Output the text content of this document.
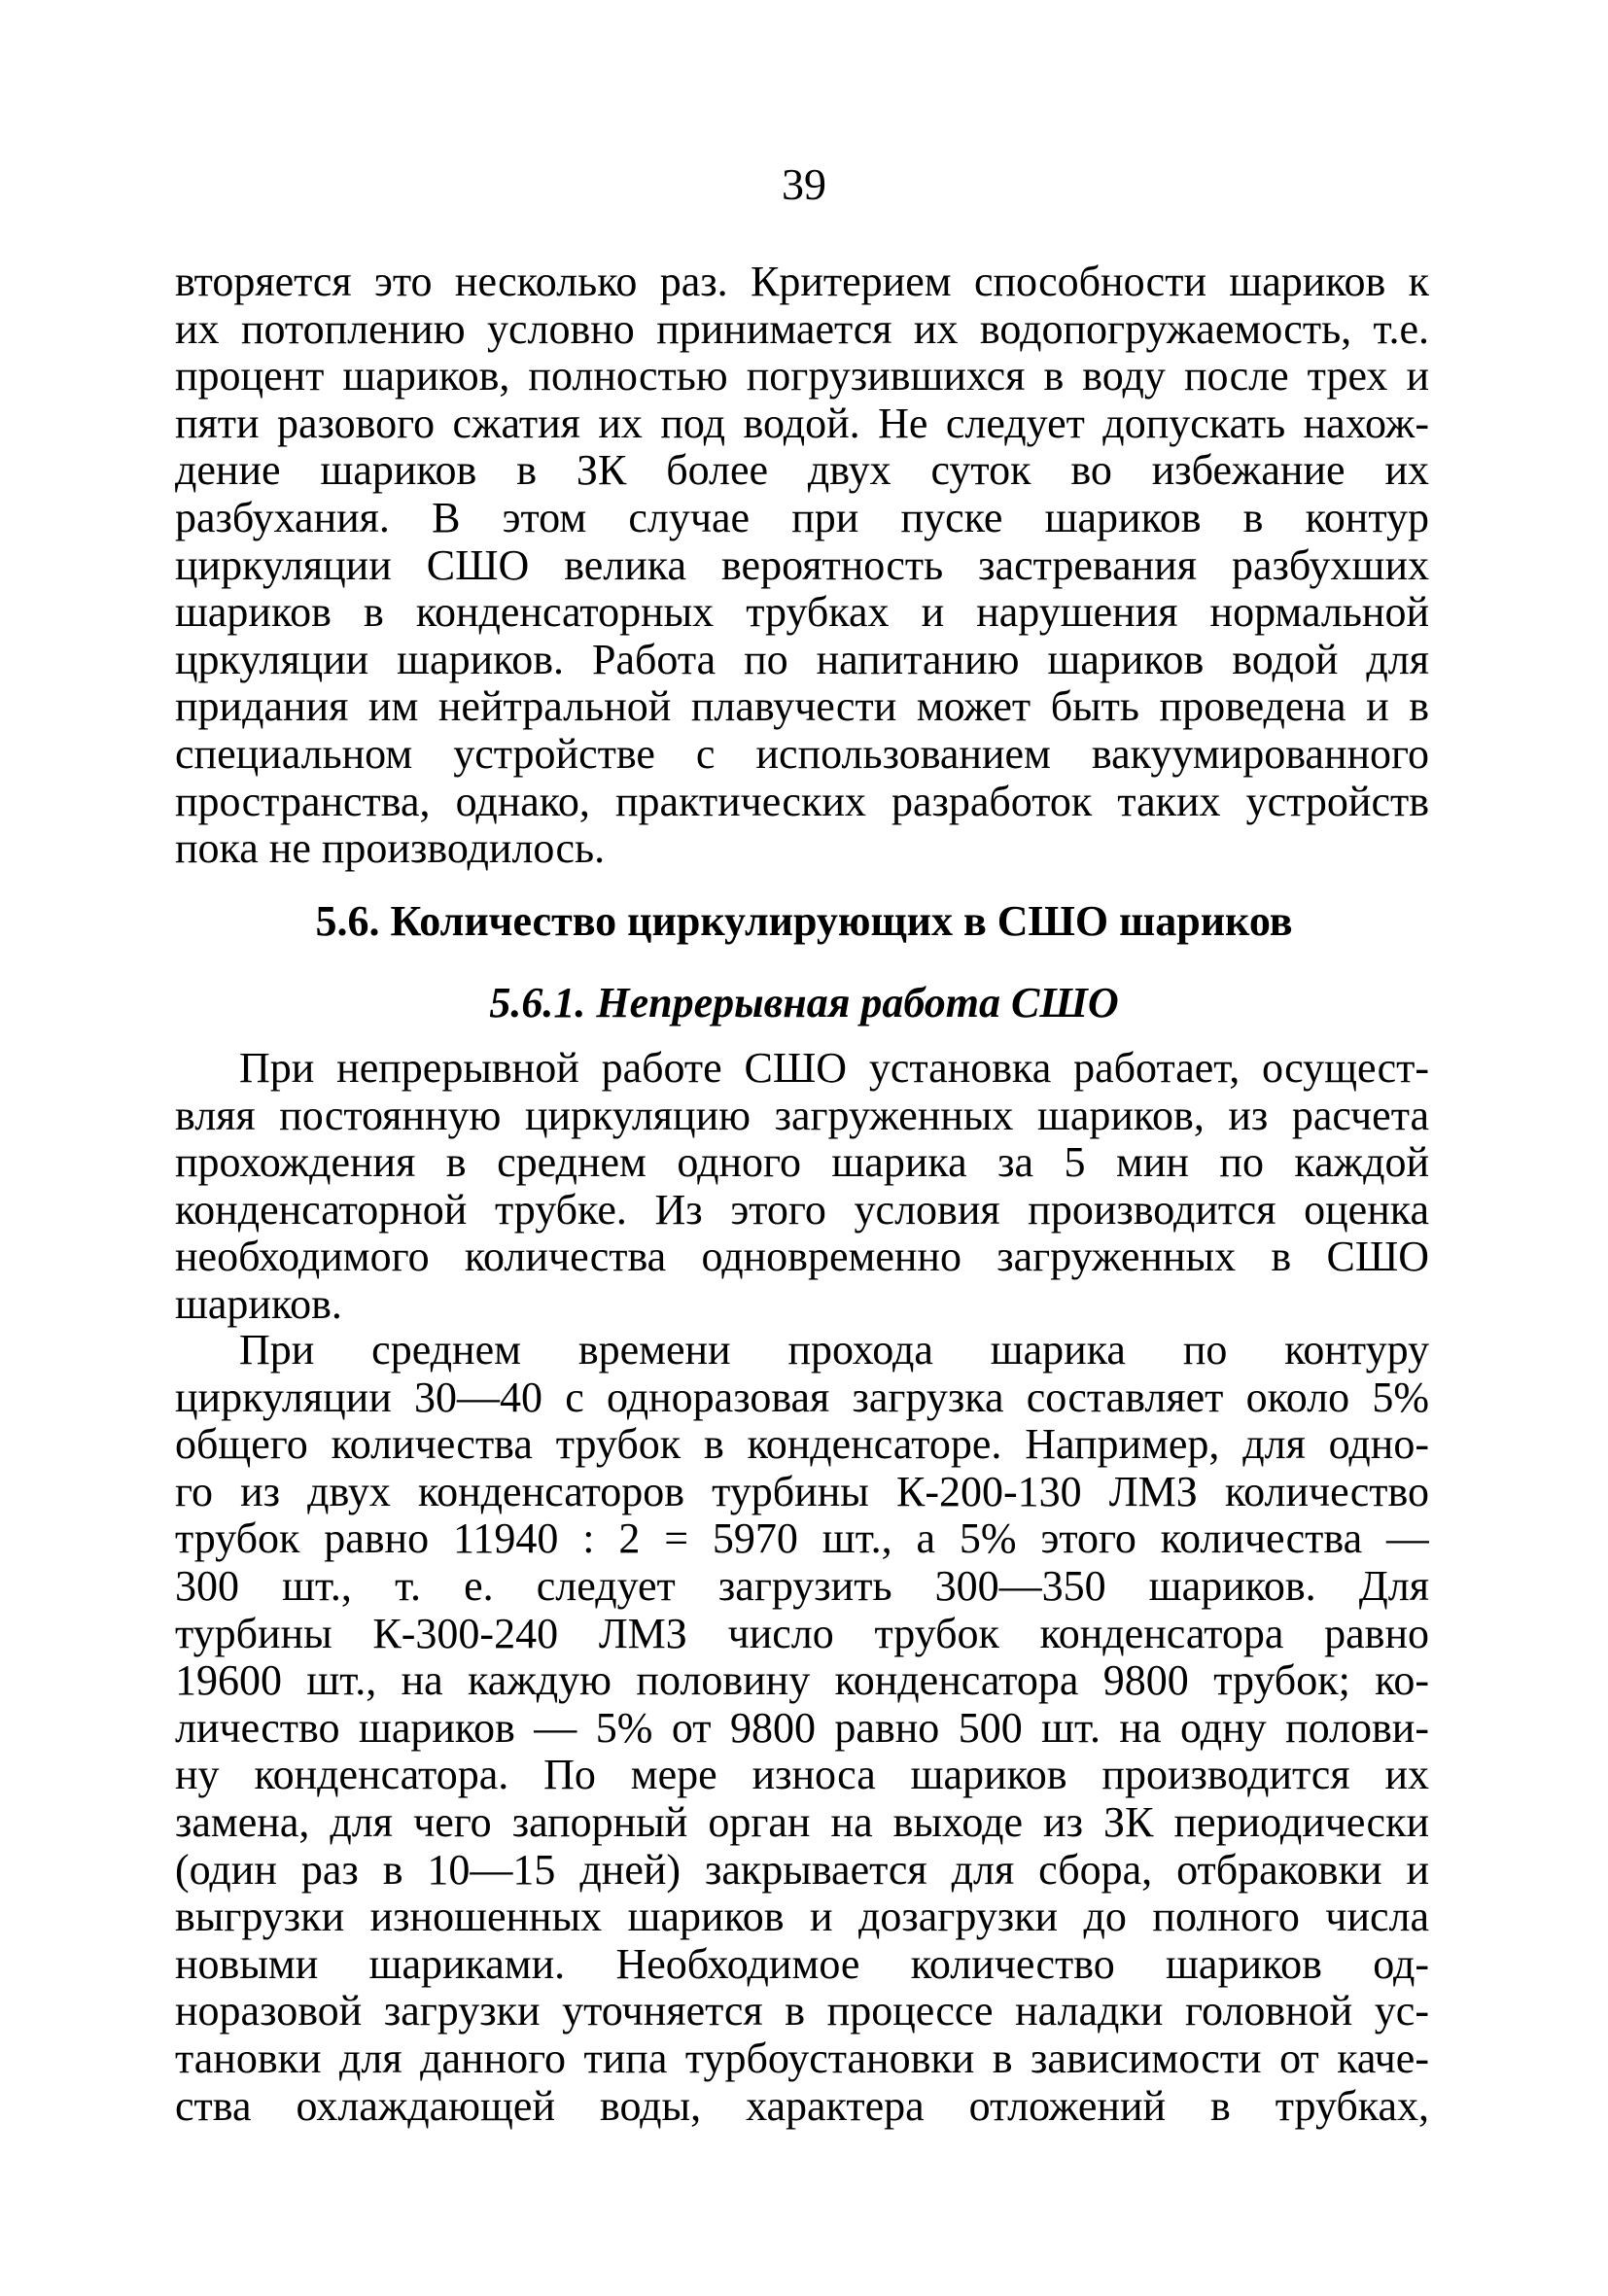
39
вторяется это несколько раз. Критерием способности шариков к
их потоплению условно принимается их водопогружаемость, т.е.
процент шариков, полностью погрузившихся в воду после трех и
пяти разового сжатия их под водой. Не следует допускать нахож-
дение шариков в ЗК более двух суток во избежание их
разбухания. В этом случае при пуске шариков в контур
циркуляции СШО велика вероятность застревания разбухших
шариков в конденсаторных трубках и нарушения нормальной
цркуляции шариков. Работа по напитанию шариков водой для
придания им нейтральной плавучести может быть проведена и в
специальном устройстве с использованием вакуумированного
пространства, однако, практических разработок таких устройств
пока не производилось.
5.6. Количество циркулирующих в СШО шариков
5.6.1. Непрерывная работа СШО
При непрерывной работе СШО установка работает, осущест-
вляя постоянную циркуляцию загруженных шариков, из расчета
прохождения в среднем одного шарика за 5 мин по каждой
конденсаторной трубке. Из этого условия производится оценка
необходимого количества одновременно загруженных в СШО
шариков.
При среднем времени прохода шарика по контуру
циркуляции 30—40 с одноразовая загрузка составляет около 5%
общего количества трубок в конденсаторе. Например, для одно-
го из двух конденсаторов турбины К-200-130 ЛМЗ количество
трубок равно 11940 : 2 = 5970 шт., а 5% этого количества —
300 шт., т. е. следует загрузить 300—350 шариков. Для
турбины К-300-240 ЛМЗ число трубок конденсатора равно
19600 шт., на каждую половину конденсатора 9800 трубок; ко-
личество шариков — 5% от 9800 равно 500 шт. на одну полови-
ну конденсатора. По мере износа шариков производится их
замена, для чего запорный орган на выходе из ЗК периодически
(один раз в 10—15 дней) закрывается для сбора, отбраковки и
выгрузки изношенных шариков и дозагрузки до полного числа
новыми шариками. Необходимое количество шариков од-
норазовой загрузки уточняется в процессе наладки головной ус-
тановки для данного типа турбоустановки в зависимости от каче-
ства охлаждающей воды, характера отложений в трубках,
